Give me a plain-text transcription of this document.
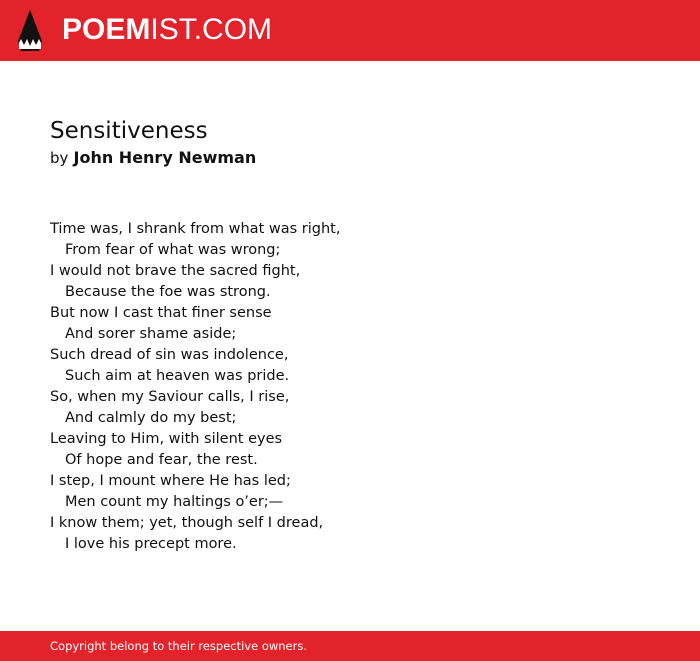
POEMIST.COM
Sensitiveness
by John Henry Newman
Time was, I shrank from what was right,
From fear of what was wrong;
I would not brave the sacred fight,
Because the foe was strong.
But now I cast that finer sense
And sorer shame aside;
Such dread of sin was indolence,
Such aim at heaven was pride.
So, when my Saviour calls, I rise,
And calmly do my best;
Leaving to Him, with silent eyes
Of hope and fear, the rest.
I step, I mount where He has led;
Men count my haltings o’er;—
I know them; yet, though self I dread,
I love his precept more.
Copyright belong to their respective owners.
